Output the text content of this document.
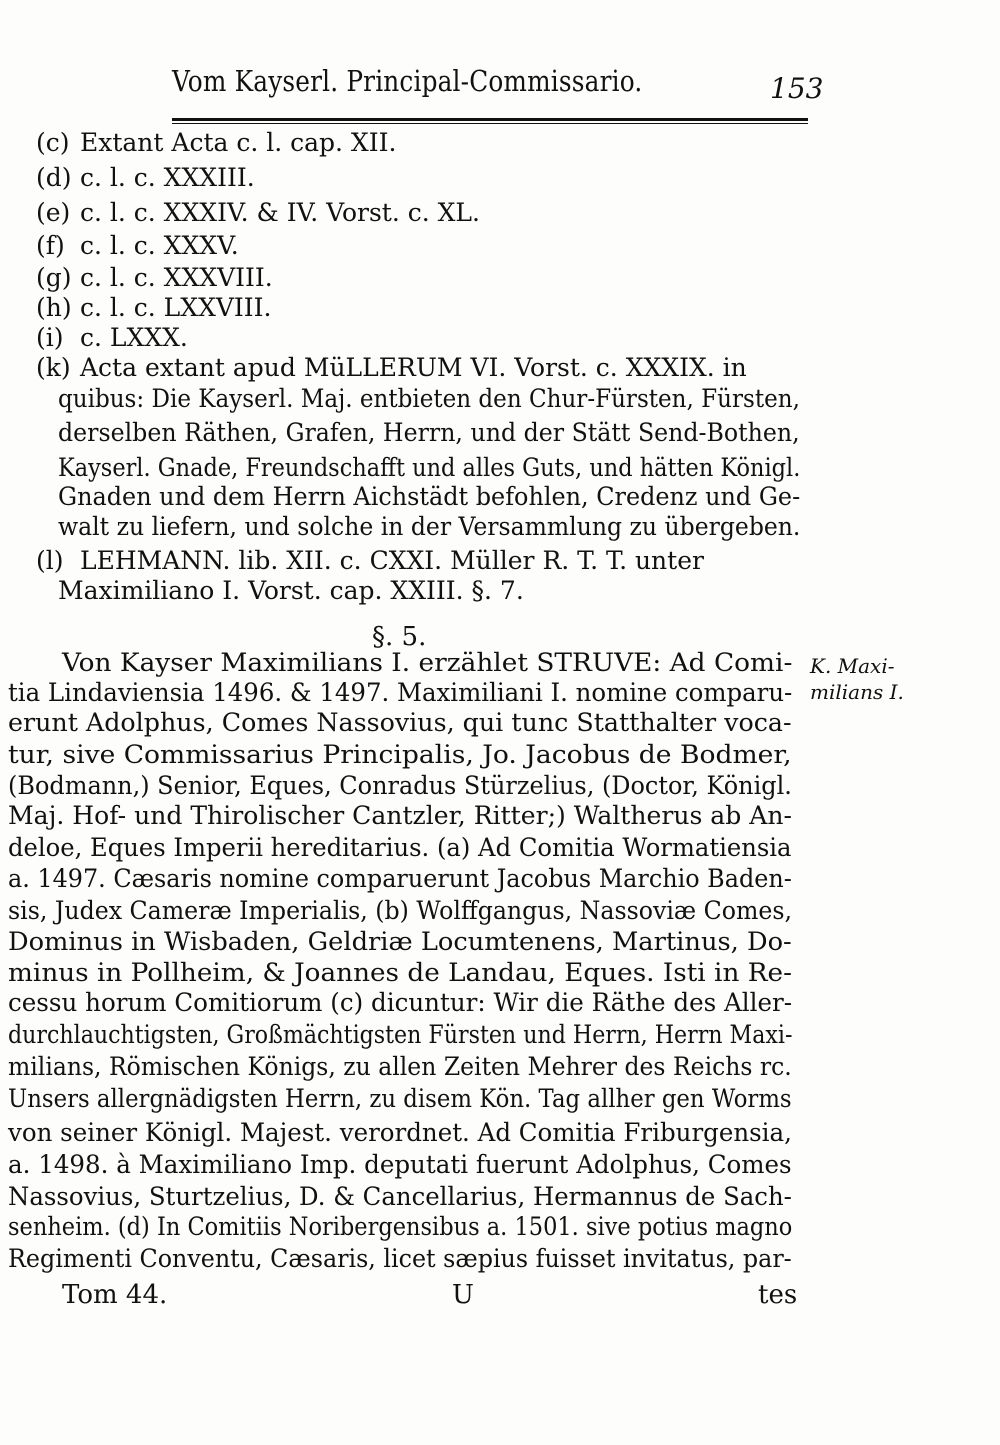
Vom Kayserl. Principal-Commissario.	153
(c) Extant Acta c. l. cap. XII.
(d) c. l. c. XXXIII.
(e) c. l. c. XXXIV. & IV. Vorst. c. XL.
(f) c. l. c. XXXV.
(g) c. l. c. XXXVIII.
(h) c. l. c. LXXVIII.
(i) c. LXXX.
(k) Acta extant apud MüLLERUM VI. Vorst. c. XXXIX. in
quibus: Die Kayserl. Maj. entbieten den Chur-Fürsten, Fürsten,
derselben Räthen, Grafen, Herrn, und der Stätt Send-Bothen,
Kayserl. Gnade, Freundschafft und alles Guts, und hätten Königl.
Gnaden und dem Herrn Aichstädt befohlen, Credenz und Ge-
walt zu liefern, und solche in der Versammlung zu übergeben.
(l) LEHMANN. lib. XII. c. CXXI. Müller R. T. T. unter
Maximiliano I. Vorst. cap. XXIII. §. 7.
§. 5.
Von Kayser Maximilians I. erzählet STRUVE: Ad Comi-
tia Lindaviensia 1496. & 1497. Maximiliani I. nomine comparu-
erunt Adolphus, Comes Nassovius, qui tunc Statthalter voca-
tur, sive Commissarius Principalis, Jo. Jacobus de Bodmer,
(Bodmann,) Senior, Eques, Conradus Stürzelius, (Doctor, Königl.
Maj. Hof- und Thirolischer Cantzler, Ritter;) Waltherus ab An-
deloe, Eques Imperii hereditarius. (a) Ad Comitia Wormatiensia
a. 1497. Cæsaris nomine comparuerunt Jacobus Marchio Baden-
sis, Judex Cameræ Imperialis, (b) Wolffgangus, Nassoviæ Comes,
Dominus in Wisbaden, Geldriæ Locumtenens, Martinus, Do-
minus in Pollheim, & Joannes de Landau, Eques. Isti in Re-
cessu horum Comitiorum (c) dicuntur: Wir die Räthe des Aller-
durchlauchtigsten, Großmächtigsten Fürsten und Herrn, Herrn Maxi-
milians, Römischen Königs, zu allen Zeiten Mehrer des Reichs rc.
Unsers allergnädigsten Herrn, zu disem Kön. Tag allher gen Worms
von seiner Königl. Majest. verordnet. Ad Comitia Friburgensia,
a. 1498. à Maximiliano Imp. deputati fuerunt Adolphus, Comes
Nassovius, Sturtzelius, D. & Cancellarius, Hermannus de Sach-
senheim. (d) In Comitiis Noribergensibus a. 1501. sive potius magno
Regimenti Conventu, Cæsaris, licet sæpius fuisset invitatus, par-
K. Maxi-
milians I.
Tom 44.	U	tes
